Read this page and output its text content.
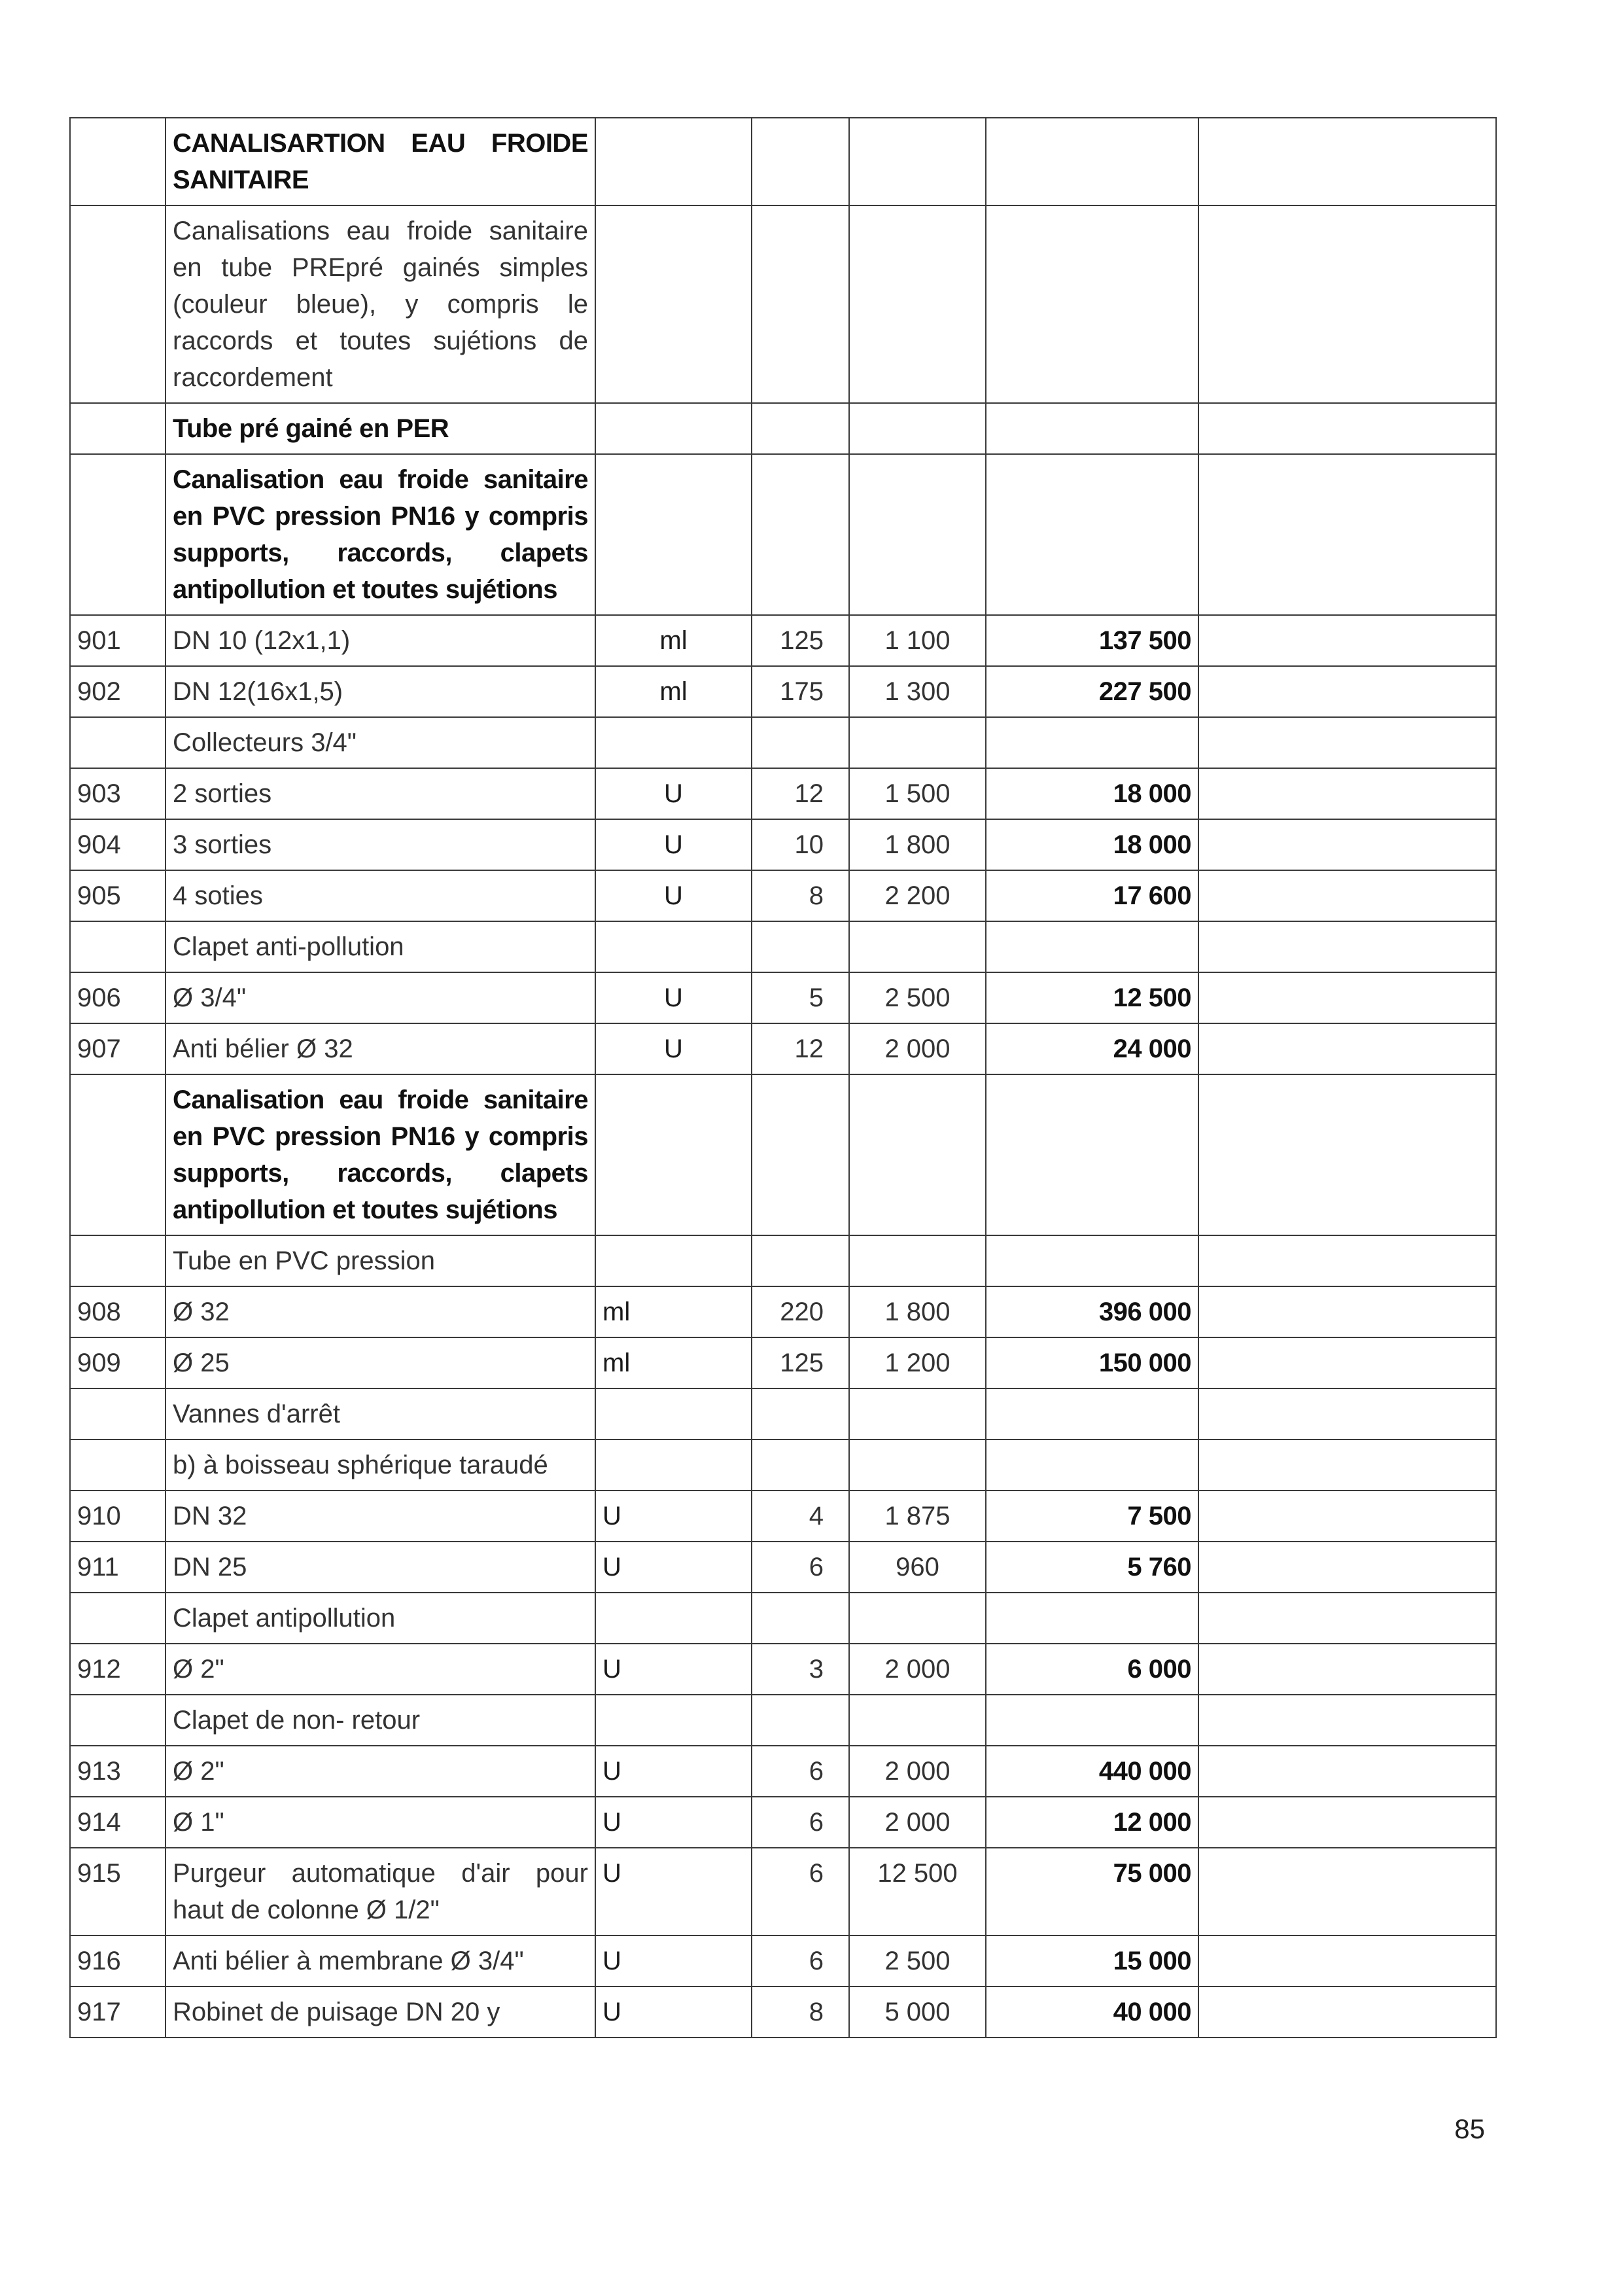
	CANALISARTION EAU FROIDE SANITAIRE					
	Canalisations eau froide sanitaire en tube PREpré gainés simples (couleur bleue), y compris le raccords et toutes sujétions de raccordement					
	Tube pré gainé en PER					
	Canalisation eau froide sanitaire en PVC pression PN16 y compris supports, raccords, clapets antipollution et toutes sujétions					
901	DN 10 (12x1,1)	ml	125	1 100	137 500	
902	DN 12(16x1,5)	ml	175	1 300	227 500	
	Collecteurs 3/4"					
903	2 sorties	U	12	1 500	18 000	
904	3 sorties	U	10	1 800	18 000	
905	4 soties	U	8	2 200	17 600	
	Clapet anti-pollution					
906	Ø 3/4"	U	5	2 500	12 500	
907	Anti bélier Ø 32	U	12	2 000	24 000	
	Canalisation eau froide sanitaire en PVC pression PN16 y compris supports, raccords, clapets antipollution et toutes sujétions					
	Tube en PVC pression					
908	Ø 32	ml	220	1 800	396 000	
909	Ø 25	ml	125	1 200	150 000	
	Vannes d'arrêt					
	b) à boisseau sphérique taraudé					
910	DN 32	U	4	1 875	7 500	
911	DN 25	U	6	960	5 760	
	Clapet antipollution					
912	Ø 2"	U	3	2 000	6 000	
	Clapet de non- retour					
913	Ø 2"	U	6	2 000	440 000	
914	Ø 1"	U	6	2 000	12 000	
915	Purgeur automatique d'air pour haut de colonne Ø 1/2"	U	6	12 500	75 000	
916	Anti bélier à membrane Ø 3/4"	U	6	2 500	15 000	
917	Robinet de puisage DN 20 y	U	8	5 000	40 000	
85
